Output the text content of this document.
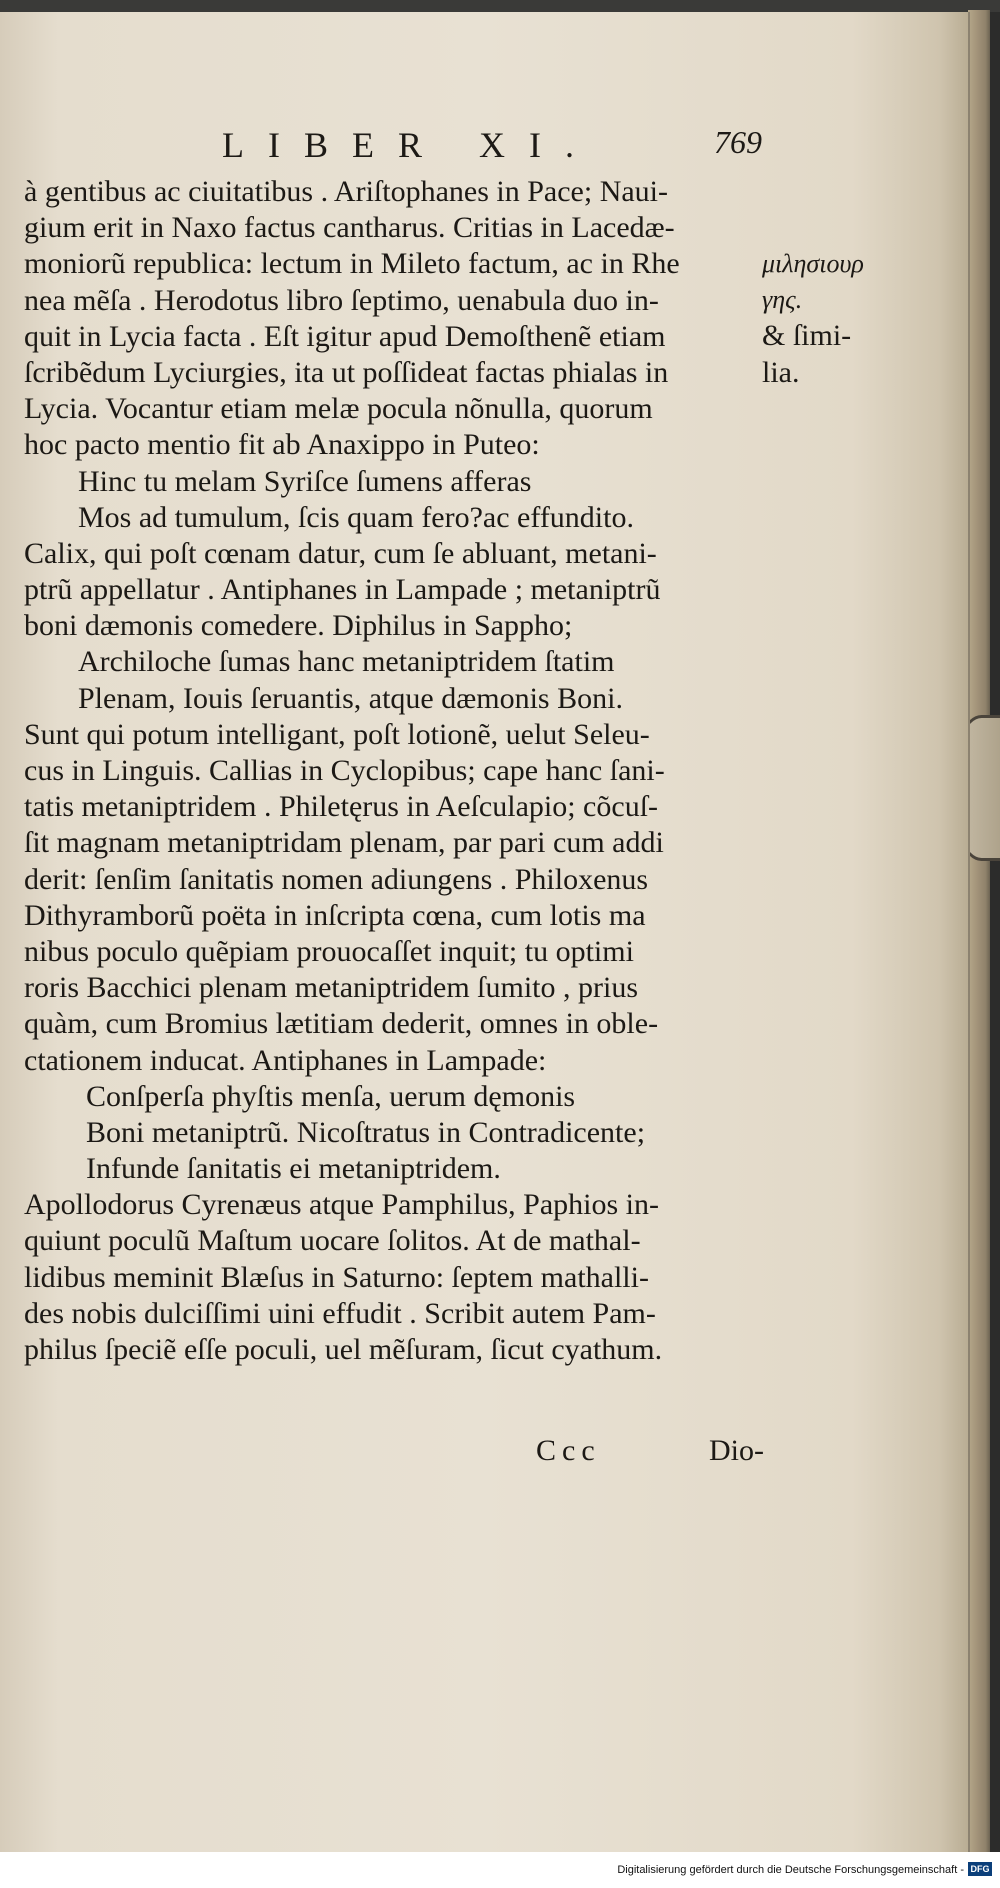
LIBER XI.	769
à gentibus ac ciuitatibus . Ariſtophanes in Pace; Naui-
gium erit in Naxo factus cantharus. Critias in Lacedæ-
moniorũ republica: lectum in Mileto factum, ac in Rhe
nea mẽſa . Herodotus libro ſeptimo, uenabula duo in-
quit in Lycia facta . Eſt igitur apud Demoſthenẽ etiam
ſcribẽdum Lyciurgies, ita ut poſſideat factas phialas in
Lycia. Vocantur etiam melæ pocula nõnulla, quorum
hoc pacto mentio fit ab Anaxippo in Puteo:
Hinc tu melam Syriſce ſumens afferas
Mos ad tumulum, ſcis quam fero?ac effundito.
Calix, qui poſt cœnam datur, cum ſe abluant, metani-
ptrũ appellatur . Antiphanes in Lampade ; metaniptrũ
boni dæmonis comedere. Diphilus in Sappho;
Archiloche ſumas hanc metaniptridem ſtatim
Plenam, Iouis ſeruantis, atque dæmonis Boni.
Sunt qui potum intelligant, poſt lotionẽ, uelut Seleu-
cus in Linguis. Callias in Cyclopibus; cape hanc ſani-
tatis metaniptridem . Philetęrus in Aeſculapio; cõcuſ-
ſit magnam metaniptridam plenam, par pari cum addi
derit: ſenſim ſanitatis nomen adiungens . Philoxenus
Dithyramborũ poëta in inſcripta cœna, cum lotis ma
nibus poculo quẽpiam prouocaſſet inquit; tu optimi
roris Bacchici plenam metaniptridem ſumito , prius
quàm, cum Bromius lætitiam dederit, omnes in oble-
ctationem inducat. Antiphanes in Lampade:
Conſperſa phyſtis menſa, uerum dęmonis
Boni metaniptrũ. Nicoſtratus in Contradicente;
Infunde ſanitatis ei metaniptridem.
Apollodorus Cyrenæus atque Pamphilus, Paphios in-
quiunt poculũ Maſtum uocare ſolitos. At de mathal-
lidibus meminit Blæſus in Saturno: ſeptem mathalli-
des nobis dulciſſimi uini effudit . Scribit autem Pam-
philus ſpeciẽ eſſe poculi, uel mẽſuram, ſicut cyathum.
μιλησιουρ
γης.
& ſimi-
lia.
Ccc	Dio-
Digitalisierung gefördert durch die Deutsche Forschungsgemeinschaft - DFG
